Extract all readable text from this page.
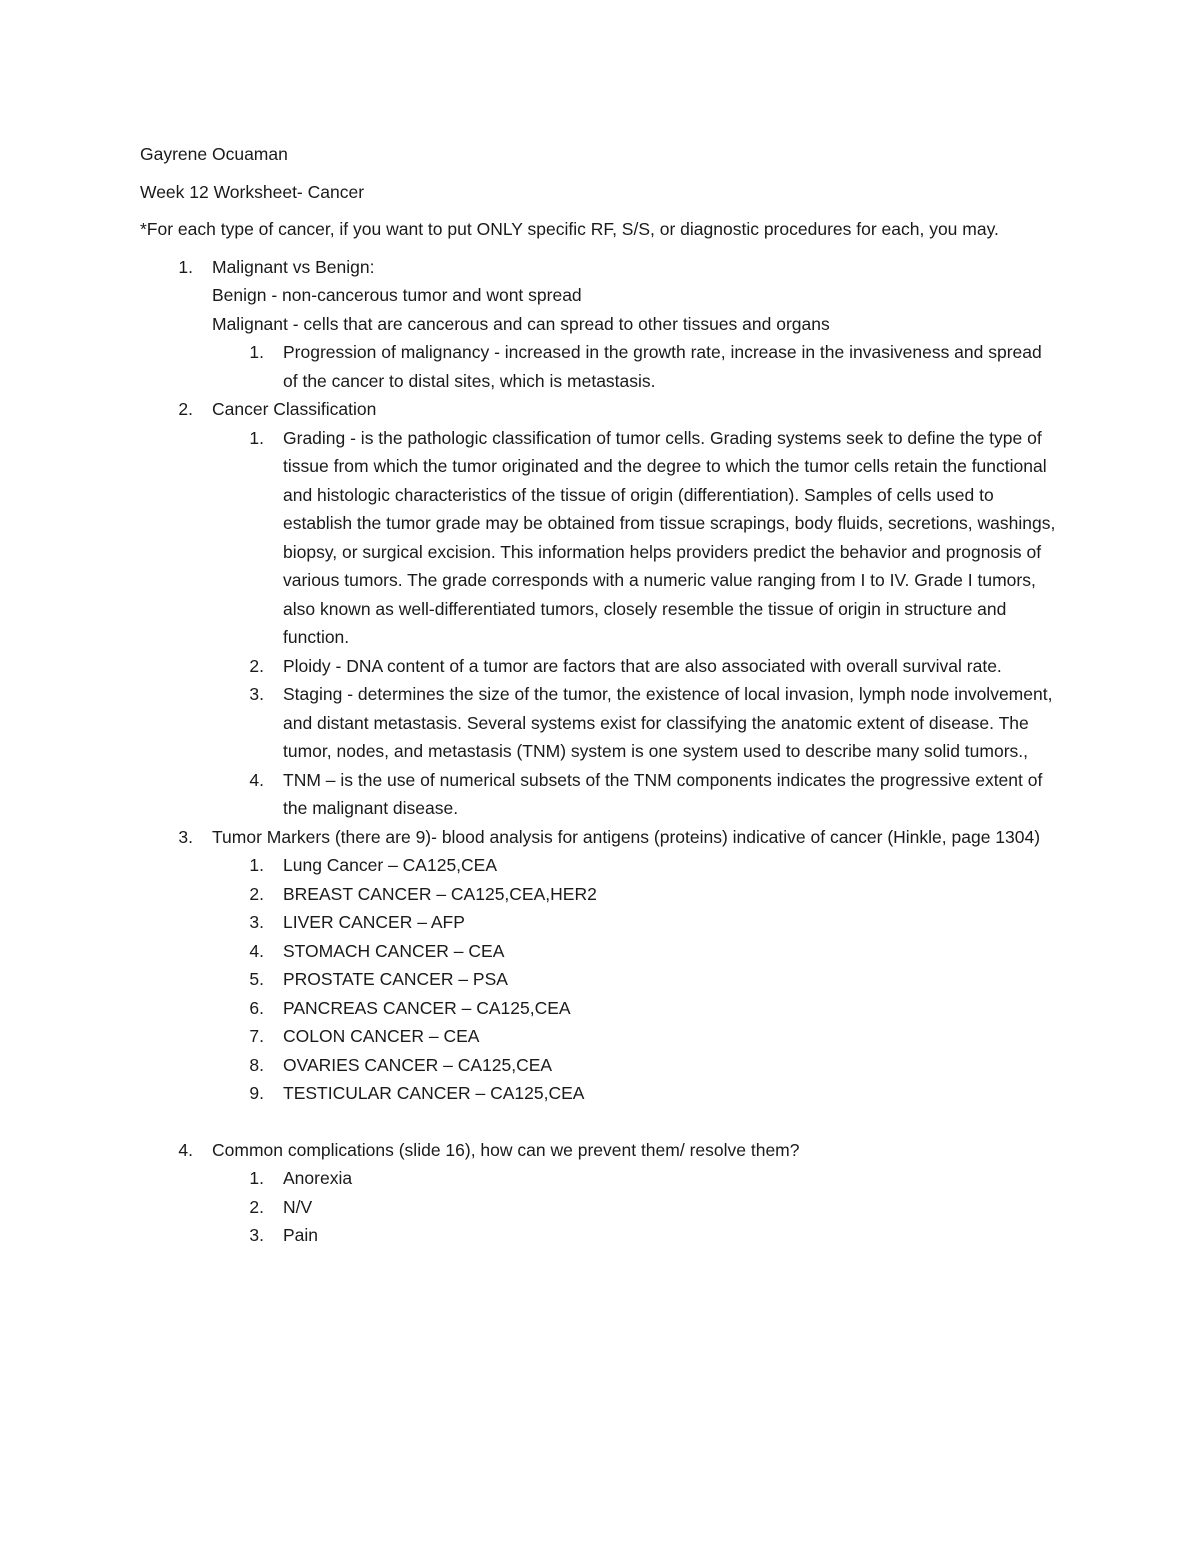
Gayrene Ocuaman

Week 12 Worksheet- Cancer

*For each type of cancer, if you want to put ONLY specific RF, S/S, or diagnostic procedures for each, you may.

1. Malignant vs Benign:
Benign - non-cancerous tumor and wont spread
Malignant - cells that are cancerous and can spread to other tissues and organs
1. Progression of malignancy - increased in the growth rate, increase in the invasiveness and spread of the cancer to distal sites, which is metastasis.
2. Cancer Classification
1. Grading - is the pathologic classification of tumor cells. Grading systems seek to define the type of tissue from which the tumor originated and the degree to which the tumor cells retain the functional and histologic characteristics of the tissue of origin (differentiation). Samples of cells used to establish the tumor grade may be obtained from tissue scrapings, body fluids, secretions, washings, biopsy, or surgical excision. This information helps providers predict the behavior and prognosis of various tumors. The grade corresponds with a numeric value ranging from I to IV. Grade I tumors, also known as well-differentiated tumors, closely resemble the tissue of origin in structure and function.
2. Ploidy - DNA content of a tumor are factors that are also associated with overall survival rate.
3. Staging - determines the size of the tumor, the existence of local invasion, lymph node involvement, and distant metastasis. Several systems exist for classifying the anatomic extent of disease. The tumor, nodes, and metastasis (TNM) system is one system used to describe many solid tumors.,
4. TNM – is the use of numerical subsets of the TNM components indicates the progressive extent of the malignant disease.
3. Tumor Markers (there are 9)- blood analysis for antigens (proteins) indicative of cancer (Hinkle, page 1304)
1. Lung Cancer – CA125,CEA
2. BREAST CANCER – CA125,CEA,HER2
3. LIVER CANCER – AFP
4. STOMACH CANCER – CEA
5. PROSTATE CANCER – PSA
6. PANCREAS CANCER – CA125,CEA
7. COLON CANCER – CEA
8. OVARIES CANCER – CA125,CEA
9. TESTICULAR CANCER – CA125,CEA
4. Common complications (slide 16), how can we prevent them/ resolve them?
1. Anorexia
2. N/V
3. Pain
